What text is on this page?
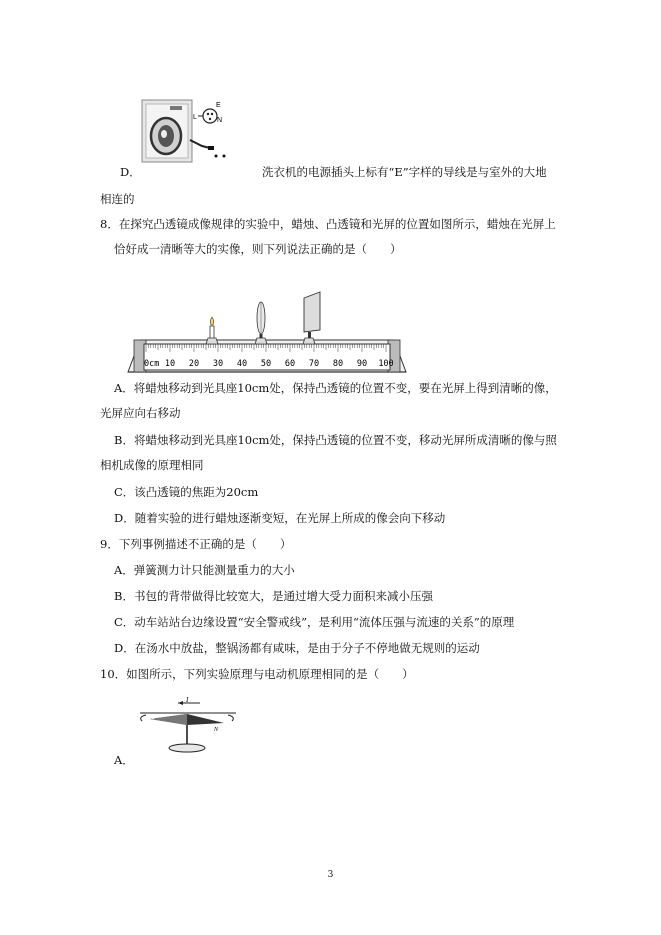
E
L	N
D．	洗衣机的电源插头上标有“E”字样的导线是与室外的大地
相连的
8．在探究凸透镜成像规律的实验中，蜡烛、凸透镜和光屏的位置如图所示，蜡烛在光屏上
恰好成一清晰等大的实像，则下列说法正确的是（　　）
0cm 10 20 30 40 50 60 70 80 90 100
A．将蜡烛移动到光具座10cm处，保持凸透镜的位置不变，要在光屏上得到清晰的像，
光屏应向右移动
B．将蜡烛移动到光具座10cm处，保持凸透镜的位置不变，移动光屏所成清晰的像与照
相机成像的原理相同
C．该凸透镜的焦距为20cm
D．随着实验的进行蜡烛逐渐变短，在光屏上所成的像会向下移动
9．下列事例描述不正确的是（　　）
A．弹簧测力计只能测量重力的大小
B．书包的背带做得比较宽大，是通过增大受力面积来减小压强
C．动车站站台边缘设置“安全警戒线”，是利用“流体压强与流速的关系”的原理
D．在汤水中放盐，整锅汤都有咸味，是由于分子不停地做无规则的运动
10．如图所示，下列实验原理与电动机原理相同的是（　　）
I
S
N
A．
3
